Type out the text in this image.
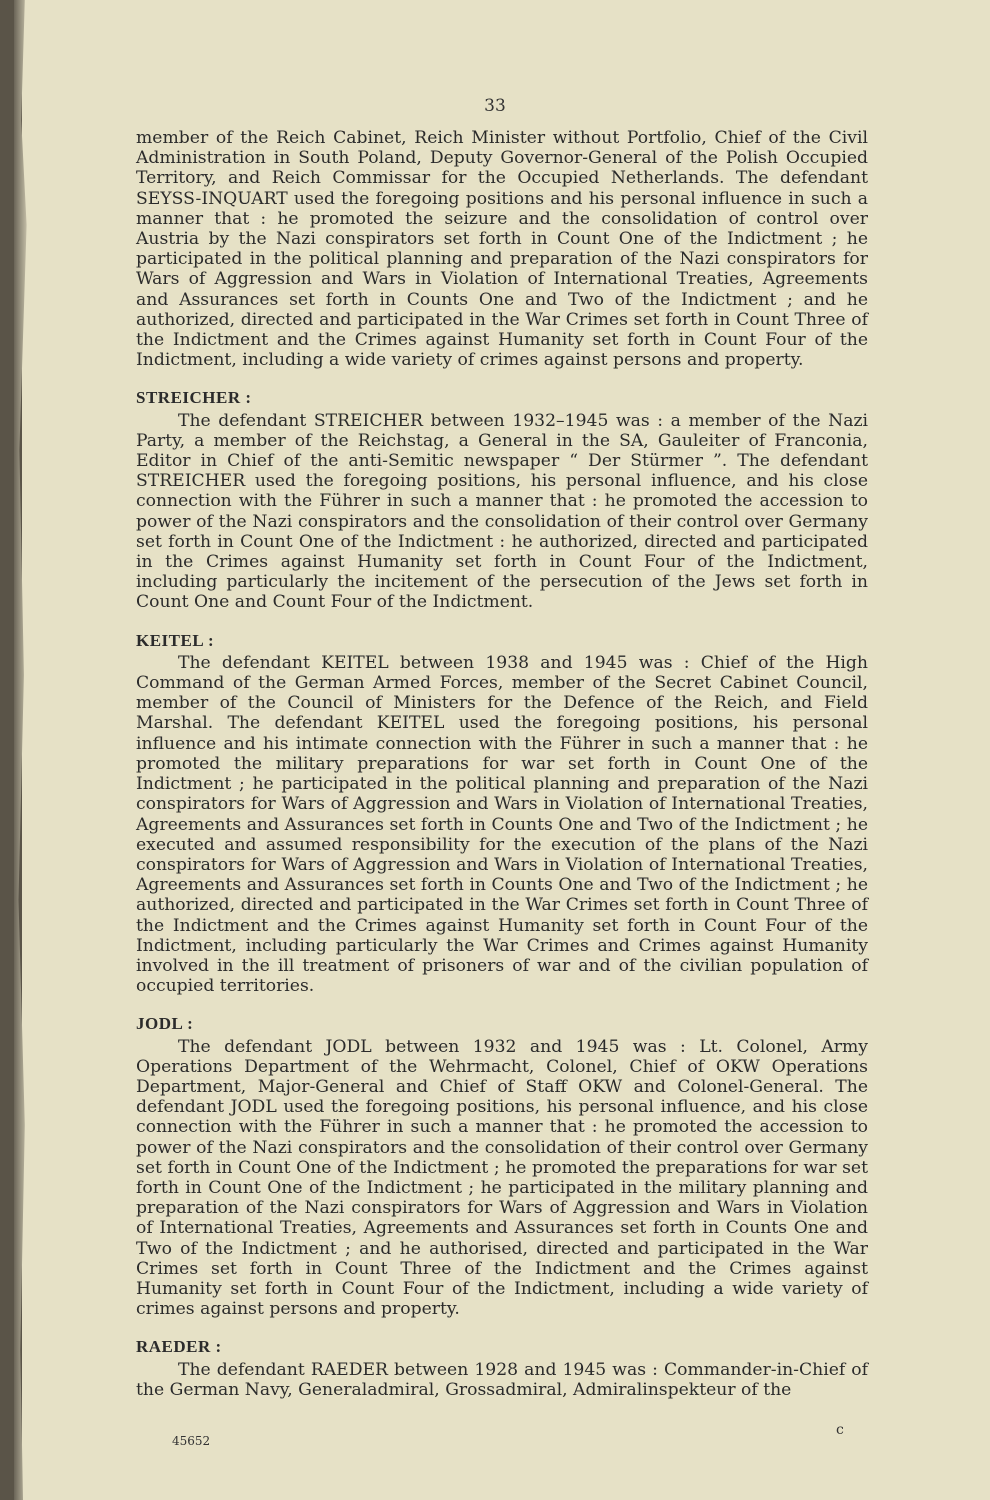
33

member of the Reich Cabinet, Reich Minister without Portfolio, Chief of the Civil Administration in South Poland, Deputy Governor-General of the Polish Occupied Territory, and Reich Commissar for the Occupied Netherlands. The defendant SEYSS-INQUART used the foregoing positions and his personal influence in such a manner that : he promoted the seizure and the consolidation of control over Austria by the Nazi conspirators set forth in Count One of the Indictment ; he participated in the political planning and preparation of the Nazi conspirators for Wars of Aggression and Wars in Violation of International Treaties, Agreements and Assurances set forth in Counts One and Two of the Indictment ; and he authorized, directed and participated in the War Crimes set forth in Count Three of the Indictment and the Crimes against Humanity set forth in Count Four of the Indictment, including a wide variety of crimes against persons and property.

STREICHER :

The defendant STREICHER between 1932–1945 was : a member of the Nazi Party, a member of the Reichstag, a General in the SA, Gauleiter of Franconia, Editor in Chief of the anti-Semitic newspaper “ Der Stürmer ”. The defendant STREICHER used the foregoing positions, his personal influence, and his close connection with the Führer in such a manner that : he promoted the accession to power of the Nazi conspirators and the consolidation of their control over Germany set forth in Count One of the Indictment : he authorized, directed and participated in the Crimes against Humanity set forth in Count Four of the Indictment, including particularly the incitement of the persecution of the Jews set forth in Count One and Count Four of the Indictment.

KEITEL :

The defendant KEITEL between 1938 and 1945 was : Chief of the High Command of the German Armed Forces, member of the Secret Cabinet Council, member of the Council of Ministers for the Defence of the Reich, and Field Marshal. The defendant KEITEL used the foregoing positions, his personal influence and his intimate connection with the Führer in such a manner that : he promoted the military preparations for war set forth in Count One of the Indictment ; he participated in the political planning and preparation of the Nazi conspirators for Wars of Aggression and Wars in Violation of International Treaties, Agreements and Assurances set forth in Counts One and Two of the Indictment ; he executed and assumed responsibility for the execution of the plans of the Nazi conspirators for Wars of Aggression and Wars in Violation of International Treaties, Agreements and Assurances set forth in Counts One and Two of the Indictment ; he authorized, directed and participated in the War Crimes set forth in Count Three of the Indictment and the Crimes against Humanity set forth in Count Four of the Indictment, including particularly the War Crimes and Crimes against Humanity involved in the ill treatment of prisoners of war and of the civilian population of occupied territories.

JODL :

The defendant JODL between 1932 and 1945 was : Lt. Colonel, Army Operations Department of the Wehrmacht, Colonel, Chief of OKW Operations Department, Major-General and Chief of Staff OKW and Colonel-General. The defendant JODL used the foregoing positions, his personal influence, and his close connection with the Führer in such a manner that : he promoted the accession to power of the Nazi conspirators and the consolidation of their control over Germany set forth in Count One of the Indictment ; he promoted the preparations for war set forth in Count One of the Indictment ; he participated in the military planning and preparation of the Nazi conspirators for Wars of Aggression and Wars in Violation of International Treaties, Agreements and Assurances set forth in Counts One and Two of the Indictment ; and he authorised, directed and participated in the War Crimes set forth in Count Three of the Indictment and the Crimes against Humanity set forth in Count Four of the Indictment, including a wide variety of crimes against persons and property.

RAEDER :

The defendant RAEDER between 1928 and 1945 was : Commander-in-Chief of the German Navy, Generaladmiral, Grossadmiral, Admiralinspekteur of the

45652
c
